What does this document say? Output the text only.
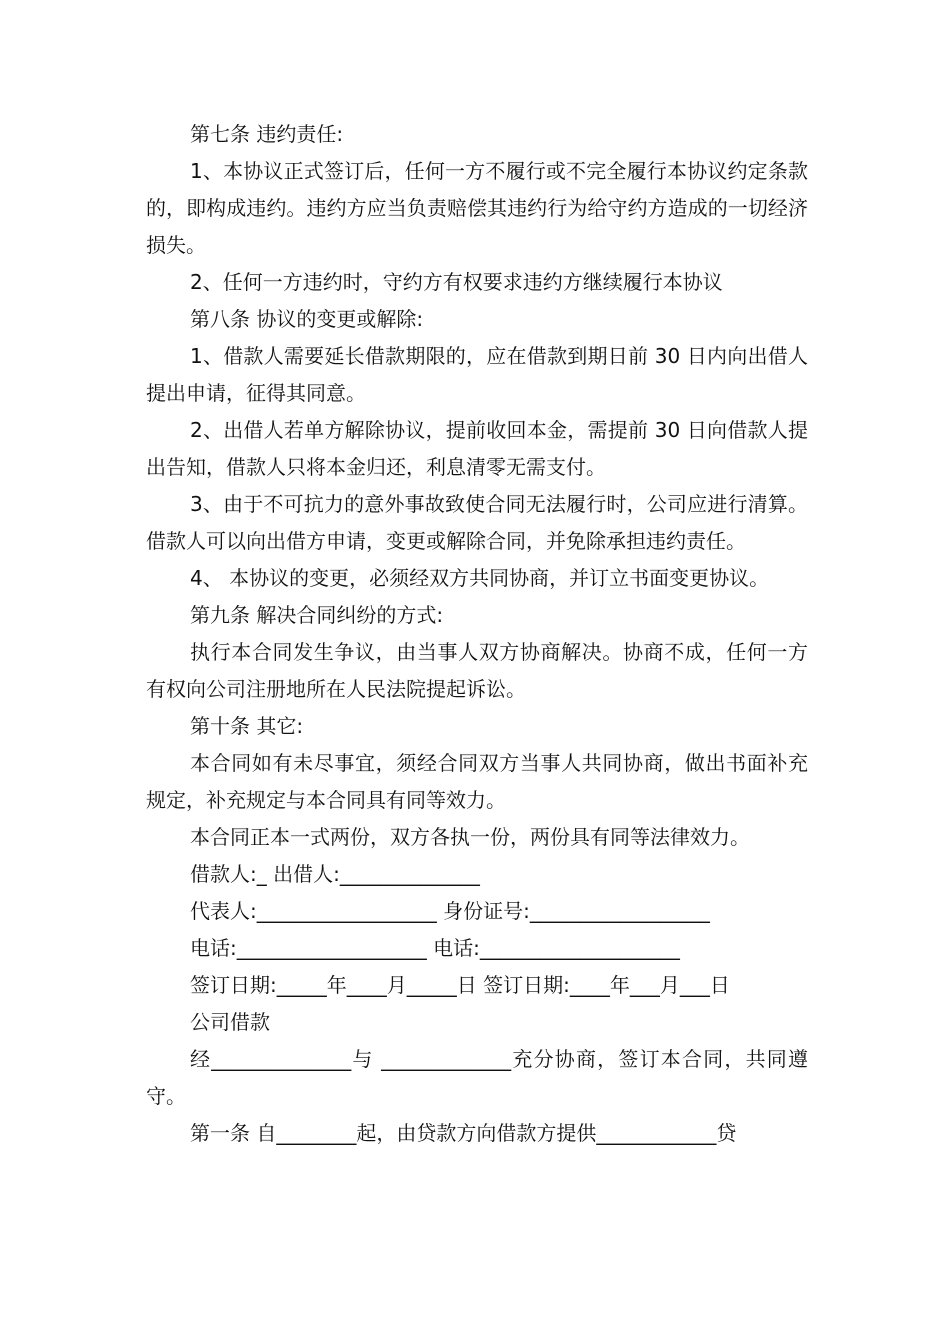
第七条 违约责任:

1、本协议正式签订后，任何一方不履行或不完全履行本协议约定条款的，即构成违约。违约方应当负责赔偿其违约行为给守约方造成的一切经济损失。

2、任何一方违约时，守约方有权要求违约方继续履行本协议

第八条 协议的变更或解除:

1、借款人需要延长借款期限的，应在借款到期日前 30 日内向出借人提出申请，征得其同意。

2、出借人若单方解除协议，提前收回本金，需提前 30 日向借款人提出告知，借款人只将本金归还，利息清零无需支付。

3、由于不可抗力的意外事故致使合同无法履行时，公司应进行清算。借款人可以向出借方申请，变更或解除合同，并免除承担违约责任。

4、 本协议的变更，必须经双方共同协商，并订立书面变更协议。

第九条 解决合同纠纷的方式:

执行本合同发生争议，由当事人双方协商解决。协商不成，任何一方有权向公司注册地所在人民法院提起诉讼。

第十条 其它:

本合同如有未尽事宜，须经合同双方当事人共同协商，做出书面补充规定，补充规定与本合同具有同等效力。

本合同正本一式两份，双方各执一份，两份具有同等法律效力。

借款人:_ 出借人:______________

代表人:__________________ 身份证号:__________________

电话:___________________ 电话:____________________

签订日期:_____年____月_____日 签订日期:____年___月___日

公司借款

经______________与 _____________充分协商，签订本合同，共同遵守。

第一条 自________起，由贷款方向借款方提供____________贷
